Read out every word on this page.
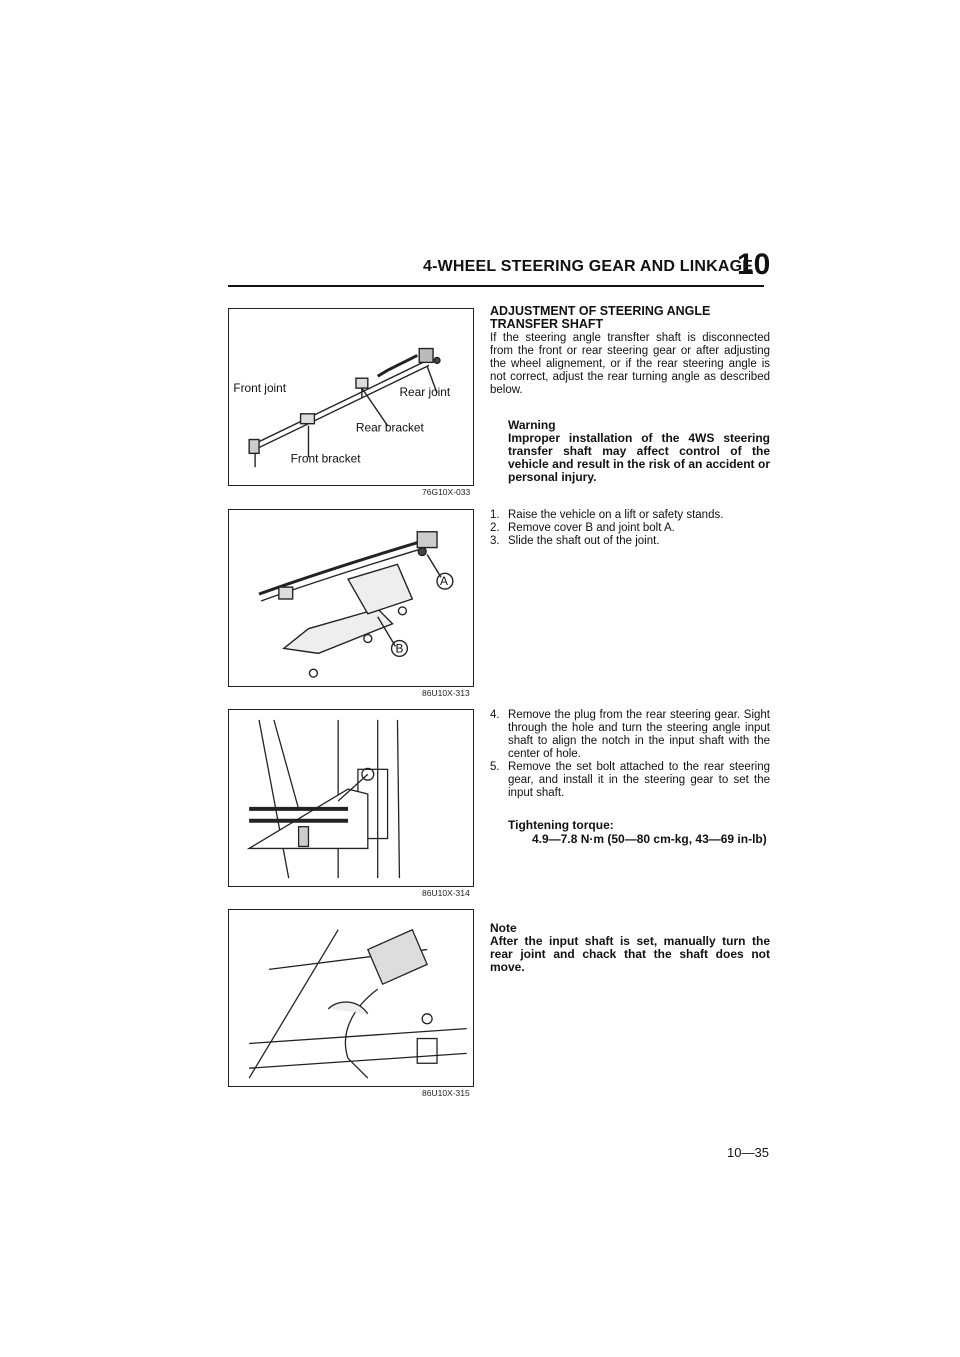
4-WHEEL STEERING GEAR AND LINKAGE
10
Front joint	Rear joint
Rear bracket
Front bracket
76G10X-033
A
B
86U10X-313
86U10X-314
86U10X-315
ADJUSTMENT OF STEERING ANGLE TRANSFER SHAFT
If the steering angle transfter shaft is disconnected from the front or rear steering gear or after adjusting the wheel alignement, or if the rear steering angle is not correct, adjust the rear turning angle as described below.
Warning
Improper installation of the 4WS steering transfer shaft may affect control of the vehicle and result in the risk of an accident or personal injury.
1. Raise the vehicle on a lift or safety stands.
2. Remove cover B and joint bolt A.
3. Slide the shaft out of the joint.
4. Remove the plug from the rear steering gear. Sight through the hole and turn the steering angle input shaft to align the notch in the input shaft with the center of hole.
5. Remove the set bolt attached to the rear steering gear, and install it in the steering gear to set the input shaft.
Tightening torque:
4.9—7.8 N·m (50—80 cm-kg, 43—69 in-lb)
Note
After the input shaft is set, manually turn the rear joint and chack that the shaft does not move.
10—35
